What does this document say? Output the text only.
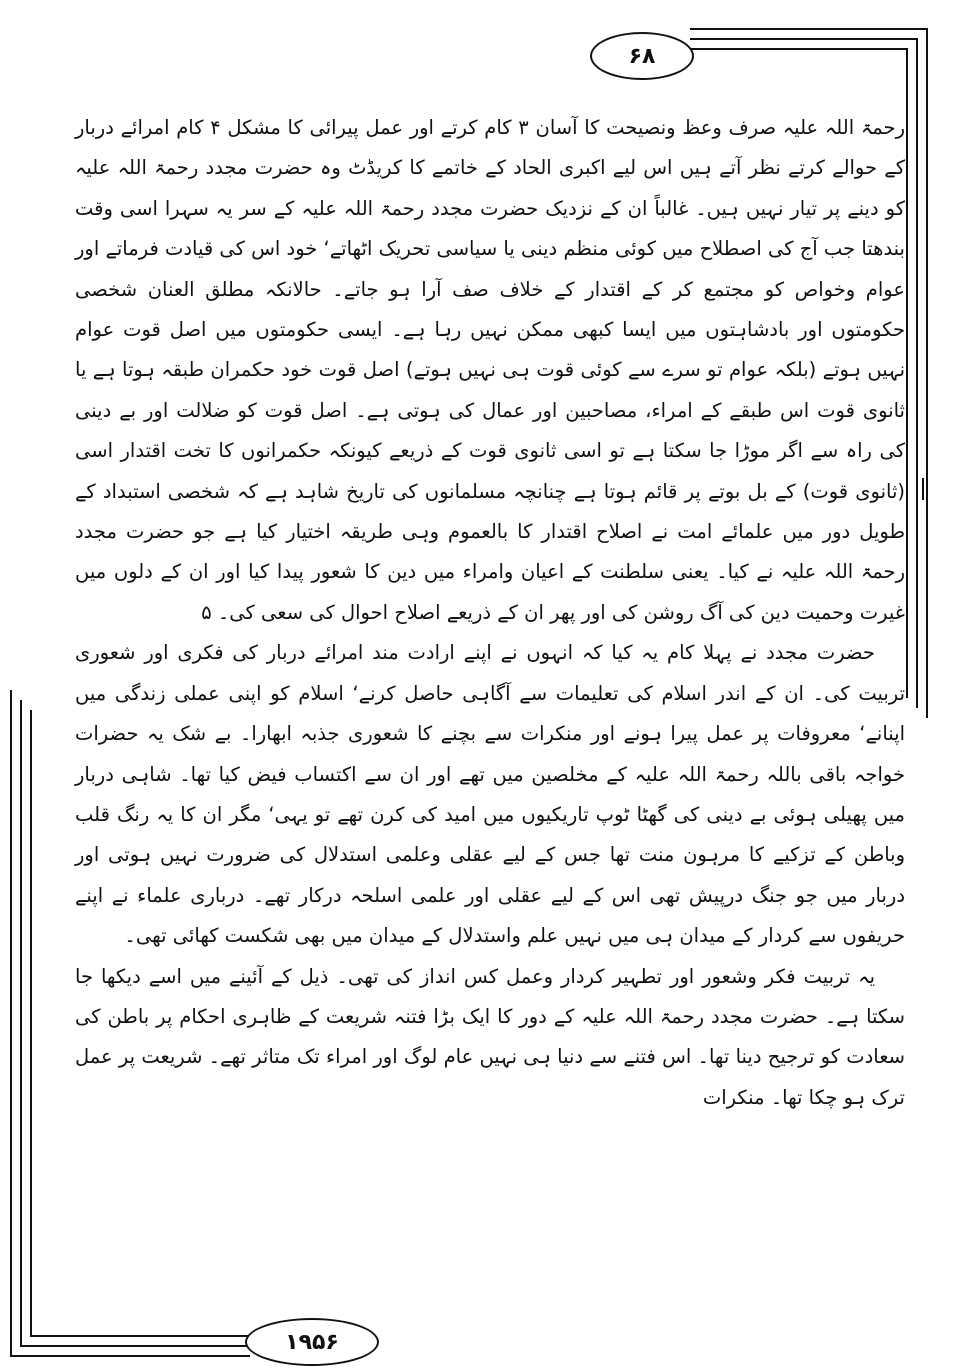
۶۸

رحمۃ اللہ علیہ صرف وعظ ونصیحت کا آسان ۳ کام کرتے اور عمل پیرائی کا مشکل ۴ کام امرائے دربار کے حوالے کرتے نظر آتے ہیں اس لیے اکبری الحاد کے خاتمے کا کریڈٹ وہ حضرت مجدد رحمۃ اللہ علیہ کو دینے پر تیار نہیں ہیں۔ غالباً ان کے نزدیک حضرت مجدد رحمۃ اللہ علیہ کے سر یہ سہرا اسی وقت بندھتا جب آج کی اصطلاح میں کوئی منظم دینی یا سیاسی تحریک اٹھاتے‘ خود اس کی قیادت فرماتے اور عوام وخواص کو مجتمع کر کے اقتدار کے خلاف صف آرا ہو جاتے۔ حالانکہ مطلق العنان شخصی حکومتوں اور بادشاہتوں میں ایسا کبھی ممکن نہیں رہا ہے۔ ایسی حکومتوں میں اصل قوت عوام نہیں ہوتے (بلکہ عوام تو سرے سے کوئی قوت ہی نہیں ہوتے) اصل قوت خود حکمران طبقہ ہوتا ہے یا ثانوی قوت اس طبقے کے امراء، مصاحبین اور عمال کی ہوتی ہے۔ اصل قوت کو ضلالت اور بے دینی کی راہ سے اگر موڑا جا سکتا ہے تو اسی ثانوی قوت کے ذریعے کیونکہ حکمرانوں کا تخت اقتدار اسی (ثانوی قوت) کے بل بوتے پر قائم ہوتا ہے چنانچہ مسلمانوں کی تاریخ شاہد ہے کہ شخصی استبداد کے طویل دور میں علمائے امت نے اصلاح اقتدار کا بالعموم وہی طریقہ اختیار کیا ہے جو حضرت مجدد رحمۃ اللہ علیہ نے کیا۔ یعنی سلطنت کے اعیان وامراء میں دین کا شعور پیدا کیا اور ان کے دلوں میں غیرت وحمیت دین کی آگ روشن کی اور پھر ان کے ذریعے اصلاح احوال کی سعی کی۔ ۵

حضرت مجدد نے پہلا کام یہ کیا کہ انہوں نے اپنے ارادت مند امرائے دربار کی فکری اور شعوری تربیت کی۔ ان کے اندر اسلام کی تعلیمات سے آگاہی حاصل کرنے‘ اسلام کو اپنی عملی زندگی میں اپنانے‘ معروفات پر عمل پیرا ہونے اور منکرات سے بچنے کا شعوری جذبہ ابھارا۔ بے شک یہ حضرات خواجہ باقی باللہ رحمۃ اللہ علیہ کے مخلصین میں تھے اور ان سے اکتساب فیض کیا تھا۔ شاہی دربار میں پھیلی ہوئی بے دینی کی گھٹا ٹوپ تاریکیوں میں امید کی کرن تھے تو یہی‘ مگر ان کا یہ رنگ قلب وباطن کے تزکیے کا مرہون منت تھا جس کے لیے عقلی وعلمی استدلال کی ضرورت نہیں ہوتی اور دربار میں جو جنگ درپیش تھی اس کے لیے عقلی اور علمی اسلحہ درکار تھے۔ درباری علماء نے اپنے حریفوں سے کردار کے میدان ہی میں نہیں علم واستدلال کے میدان میں بھی شکست کھائی تھی۔

یہ تربیت فکر وشعور اور تطہیر کردار وعمل کس انداز کی تھی۔ ذیل کے آئینے میں اسے دیکھا جا سکتا ہے۔ حضرت مجدد رحمۃ اللہ علیہ کے دور کا ایک بڑا فتنہ شریعت کے ظاہری احکام پر باطن کی سعادت کو ترجیح دینا تھا۔ اس فتنے سے دنیا ہی نہیں عام لوگ اور امراء تک متاثر تھے۔ شریعت پر عمل ترک ہو چکا تھا۔ منکرات

۱۹۵۶
